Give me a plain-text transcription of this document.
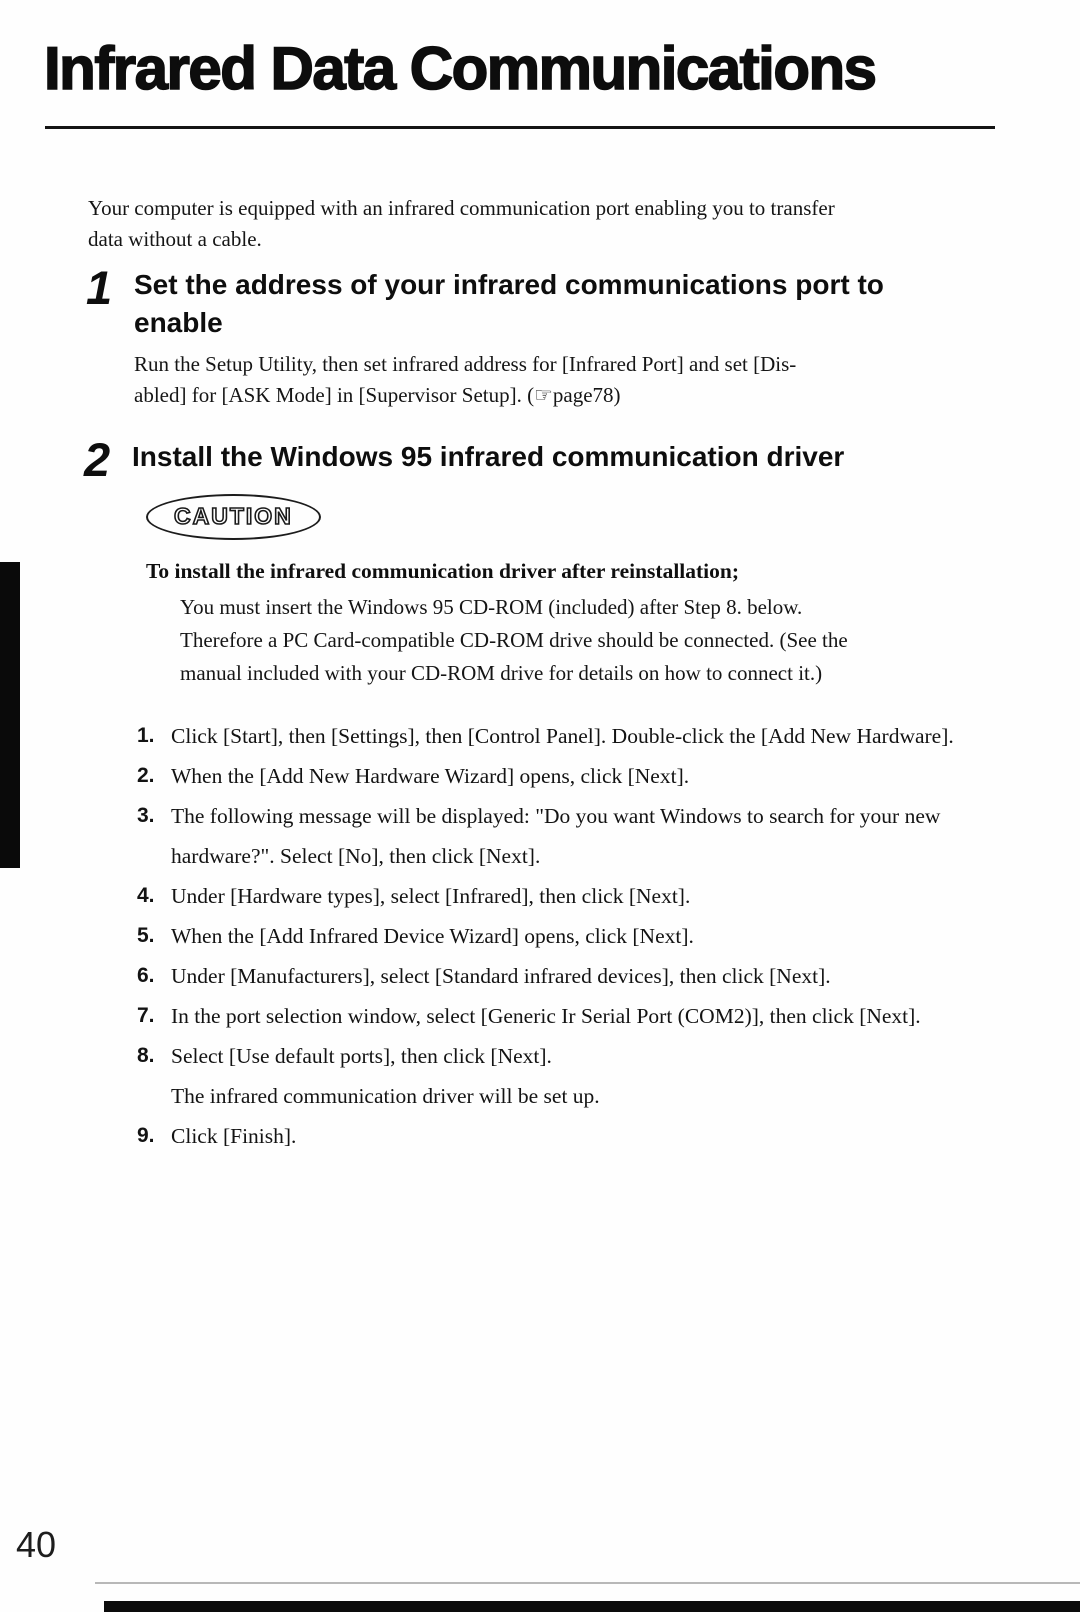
Infrared Data Communications

Your computer is equipped with an infrared communication port enabling you to transfer
data without a cable.

1 Set the address of your infrared communications port to
enable
Run the Setup Utility, then set infrared address for [Infrared Port] and set [Dis-
abled] for [ASK Mode] in [Supervisor Setup]. (☞page78)
2 Install the Windows 95 infrared communication driver
CAUTION
To install the infrared communication driver after reinstallation;
You must insert the Windows 95 CD-ROM (included) after Step 8. below.
Therefore a PC Card-compatible CD-ROM drive should be connected. (See the
manual included with your CD-ROM drive for details on how to connect it.)
1. Click [Start], then [Settings], then [Control Panel]. Double-click the [Add New Hardware].
2. When the [Add New Hardware Wizard] opens, click [Next].
3. The following message will be displayed: "Do you want Windows to search for your new hardware?". Select [No], then click [Next].
4. Under [Hardware types], select [Infrared], then click [Next].
5. When the [Add Infrared Device Wizard] opens, click [Next].
6. Under [Manufacturers], select [Standard infrared devices], then click [Next].
7. In the port selection window, select [Generic Ir Serial Port (COM2)], then click [Next].
8. Select [Use default ports], then click [Next].
The infrared communication driver will be set up.
9. Click [Finish].
40
